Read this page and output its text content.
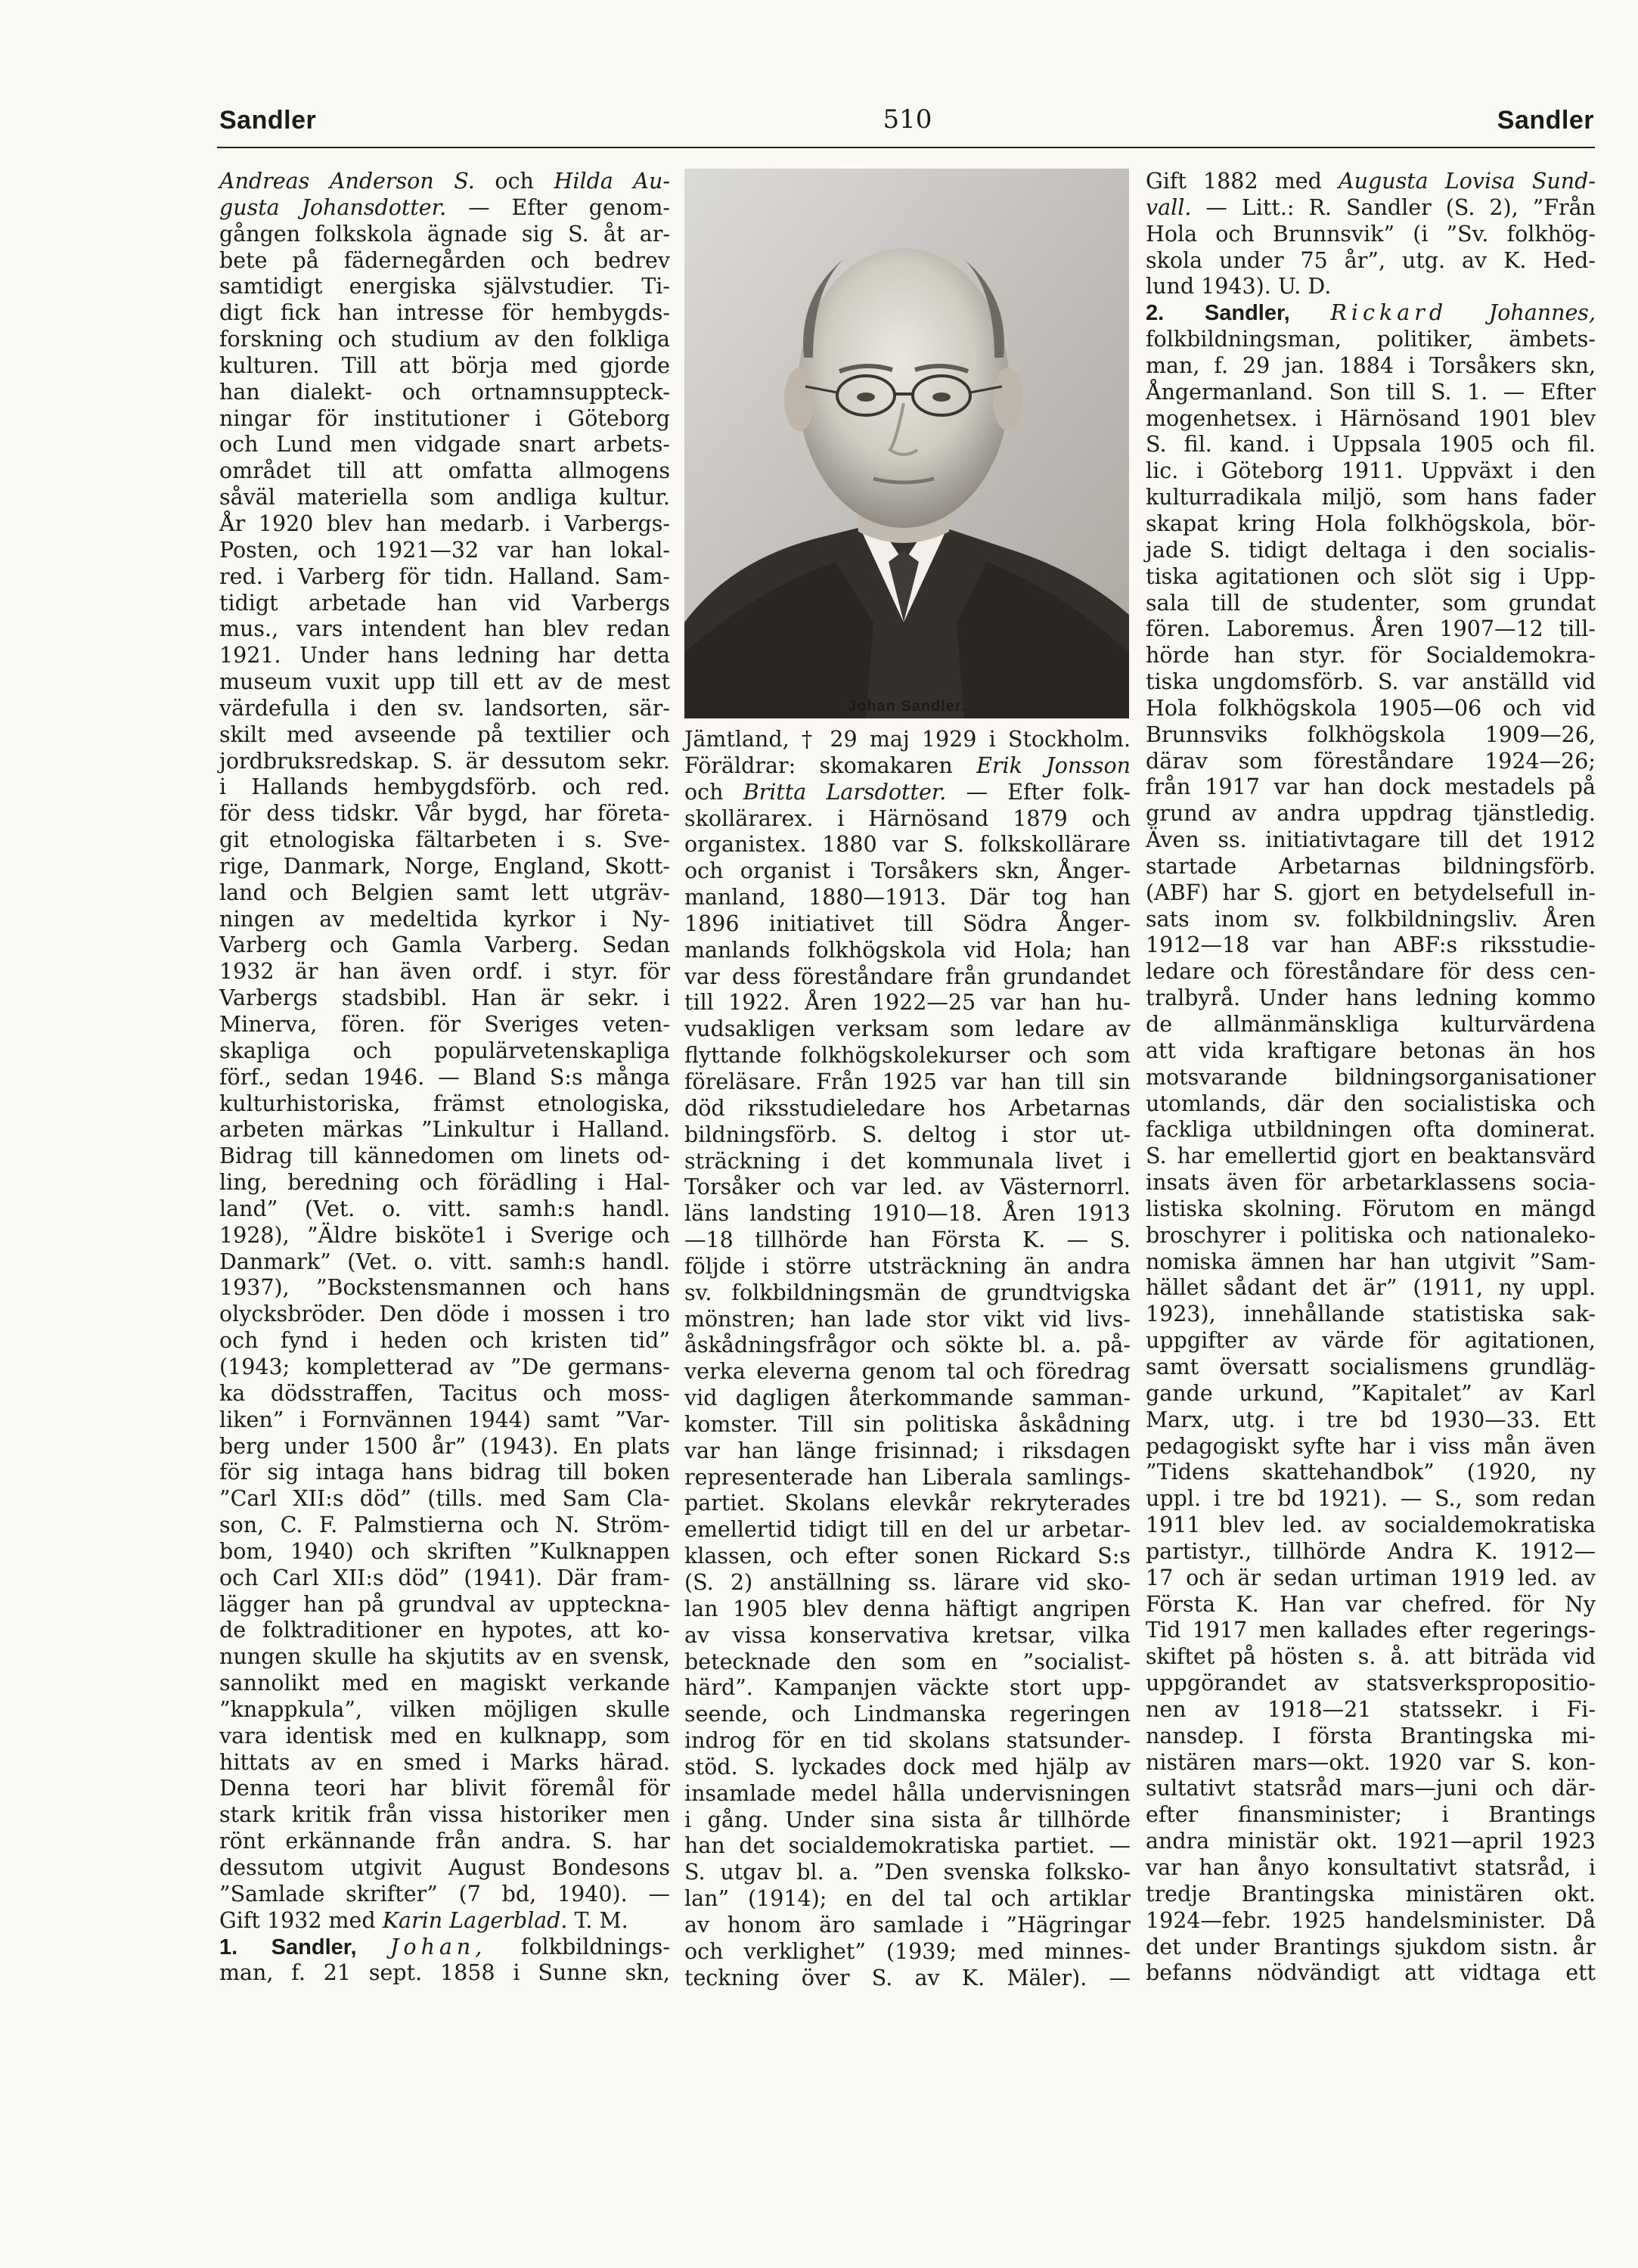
Sandler	510	Sandler
Andreas Anderson S. och Hilda Au-
gusta Johansdotter. — Efter genom-
gången folkskola ägnade sig S. åt ar-
bete på fädernegården och bedrev
samtidigt energiska självstudier. Ti-
digt fick han intresse för hembygds-
forskning och studium av den folkliga
kulturen. Till att börja med gjorde
han dialekt- och ortnamnsuppteck-
ningar för institutioner i Göteborg
och Lund men vidgade snart arbets-
området till att omfatta allmogens
såväl materiella som andliga kultur.
År 1920 blev han medarb. i Varbergs-
Posten, och 1921—32 var han lokal-
red. i Varberg för tidn. Halland. Sam-
tidigt arbetade han vid Varbergs
mus., vars intendent han blev redan
1921. Under hans ledning har detta
museum vuxit upp till ett av de mest
värdefulla i den sv. landsorten, sär-
skilt med avseende på textilier och
jordbruksredskap. S. är dessutom sekr.
i Hallands hembygdsförb. och red.
för dess tidskr. Vår bygd, har företa-
git etnologiska fältarbeten i s. Sve-
rige, Danmark, Norge, England, Skott-
land och Belgien samt lett utgräv-
ningen av medeltida kyrkor i Ny-
Varberg och Gamla Varberg. Sedan
1932 är han även ordf. i styr. för
Varbergs stadsbibl. Han är sekr. i
Minerva, fören. för Sveriges veten-
skapliga och populärvetenskapliga
förf., sedan 1946. — Bland S:s många
kulturhistoriska, främst etnologiska,
arbeten märkas ”Linkultur i Halland.
Bidrag till kännedomen om linets od-
ling, beredning och förädling i Hal-
land” (Vet. o. vitt. samh:s handl.
1928), ”Äldre bisköte1 i Sverige och
Danmark” (Vet. o. vitt. samh:s handl.
1937), ”Bockstensmannen och hans
olycksbröder. Den döde i mossen i tro
och fynd i heden och kristen tid”
(1943; kompletterad av ”De germans-
ka dödsstraffen, Tacitus och moss-
liken” i Fornvännen 1944) samt ”Var-
berg under 1500 år” (1943). En plats
för sig intaga hans bidrag till boken
”Carl XII:s död” (tills. med Sam Cla-
son, C. F. Palmstierna och N. Ström-
bom, 1940) och skriften ”Kulknappen
och Carl XII:s död” (1941). Där fram-
lägger han på grundval av uppteckna-
de folktraditioner en hypotes, att ko-
nungen skulle ha skjutits av en svensk,
sannolikt med en magiskt verkande
”knappkula”, vilken möjligen skulle
vara identisk med en kulknapp, som
hittats av en smed i Marks härad.
Denna teori har blivit föremål för
stark kritik från vissa historiker men
rönt erkännande från andra. S. har
dessutom utgivit August Bondesons
”Samlade skrifter” (7 bd, 1940). —
Gift 1932 med Karin Lagerblad. T. M.
1. Sandler, Johan, folkbildnings-
man, f. 21 sept. 1858 i Sunne skn,
Johan Sandler.
Jämtland, † 29 maj 1929 i Stockholm.
Föräldrar: skomakaren Erik Jonsson
och Britta Larsdotter. — Efter folk-
skollärarex. i Härnösand 1879 och
organistex. 1880 var S. folkskollärare
och organist i Torsåkers skn, Ånger-
manland, 1880—1913. Där tog han
1896 initiativet till Södra Ånger-
manlands folkhögskola vid Hola; han
var dess föreståndare från grundandet
till 1922. Åren 1922—25 var han hu-
vudsakligen verksam som ledare av
flyttande folkhögskolekurser och som
föreläsare. Från 1925 var han till sin
död riksstudieledare hos Arbetarnas
bildningsförb. S. deltog i stor ut-
sträckning i det kommunala livet i
Torsåker och var led. av Västernorrl.
läns landsting 1910—18. Åren 1913
—18 tillhörde han Första K. — S.
följde i större utsträckning än andra
sv. folkbildningsmän de grundtvigska
mönstren; han lade stor vikt vid livs-
åskådningsfrågor och sökte bl. a. på-
verka eleverna genom tal och föredrag
vid dagligen återkommande samman-
komster. Till sin politiska åskådning
var han länge frisinnad; i riksdagen
representerade han Liberala samlings-
partiet. Skolans elevkår rekryterades
emellertid tidigt till en del ur arbetar-
klassen, och efter sonen Rickard S:s
(S. 2) anställning ss. lärare vid sko-
lan 1905 blev denna häftigt angripen
av vissa konservativa kretsar, vilka
betecknade den som en ”socialist-
härd”. Kampanjen väckte stort upp-
seende, och Lindmanska regeringen
indrog för en tid skolans statsunder-
stöd. S. lyckades dock med hjälp av
insamlade medel hålla undervisningen
i gång. Under sina sista år tillhörde
han det socialdemokratiska partiet. —
S. utgav bl. a. ”Den svenska folksko-
lan” (1914); en del tal och artiklar
av honom äro samlade i ”Hägringar
och verklighet” (1939; med minnes-
teckning över S. av K. Mäler). —
Gift 1882 med Augusta Lovisa Sund-
vall. — Litt.: R. Sandler (S. 2), ”Från
Hola och Brunnsvik” (i ”Sv. folkhög-
skola under 75 år”, utg. av K. Hed-
lund 1943). U. D.
2. Sandler, Rickard Johannes,
folkbildningsman, politiker, ämbets-
man, f. 29 jan. 1884 i Torsåkers skn,
Ångermanland. Son till S. 1. — Efter
mogenhetsex. i Härnösand 1901 blev
S. fil. kand. i Uppsala 1905 och fil.
lic. i Göteborg 1911. Uppväxt i den
kulturradikala miljö, som hans fader
skapat kring Hola folkhögskola, bör-
jade S. tidigt deltaga i den socialis-
tiska agitationen och slöt sig i Upp-
sala till de studenter, som grundat
fören. Laboremus. Åren 1907—12 till-
hörde han styr. för Socialdemokra-
tiska ungdomsförb. S. var anställd vid
Hola folkhögskola 1905—06 och vid
Brunnsviks folkhögskola 1909—26,
därav som föreståndare 1924—26;
från 1917 var han dock mestadels på
grund av andra uppdrag tjänstledig.
Även ss. initiativtagare till det 1912
startade Arbetarnas bildningsförb.
(ABF) har S. gjort en betydelsefull in-
sats inom sv. folkbildningsliv. Åren
1912—18 var han ABF:s riksstudie-
ledare och föreståndare för dess cen-
tralbyrå. Under hans ledning kommo
de allmänmänskliga kulturvärdena
att vida kraftigare betonas än hos
motsvarande bildningsorganisationer
utomlands, där den socialistiska och
fackliga utbildningen ofta dominerat.
S. har emellertid gjort en beaktansvärd
insats även för arbetarklassens socia-
listiska skolning. Förutom en mängd
broschyrer i politiska och nationaleko-
nomiska ämnen har han utgivit ”Sam-
hället sådant det är” (1911, ny uppl.
1923), innehållande statistiska sak-
uppgifter av värde för agitationen,
samt översatt socialismens grundläg-
gande urkund, ”Kapitalet” av Karl
Marx, utg. i tre bd 1930—33. Ett
pedagogiskt syfte har i viss mån även
”Tidens skattehandbok” (1920, ny
uppl. i tre bd 1921). — S., som redan
1911 blev led. av socialdemokratiska
partistyr., tillhörde Andra K. 1912—
17 och är sedan urtiman 1919 led. av
Första K. Han var chefred. för Ny
Tid 1917 men kallades efter regerings-
skiftet på hösten s. å. att biträda vid
uppgörandet av statsverkspropositio-
nen av 1918—21 statssekr. i Fi-
nansdep. I första Brantingska mi-
nistären mars—okt. 1920 var S. kon-
sultativt statsråd mars—juni och där-
efter finansminister; i Brantings
andra ministär okt. 1921—april 1923
var han ånyo konsultativt statsråd, i
tredje Brantingska ministären okt.
1924—febr. 1925 handelsminister. Då
det under Brantings sjukdom sistn. år
befanns nödvändigt att vidtaga ett
